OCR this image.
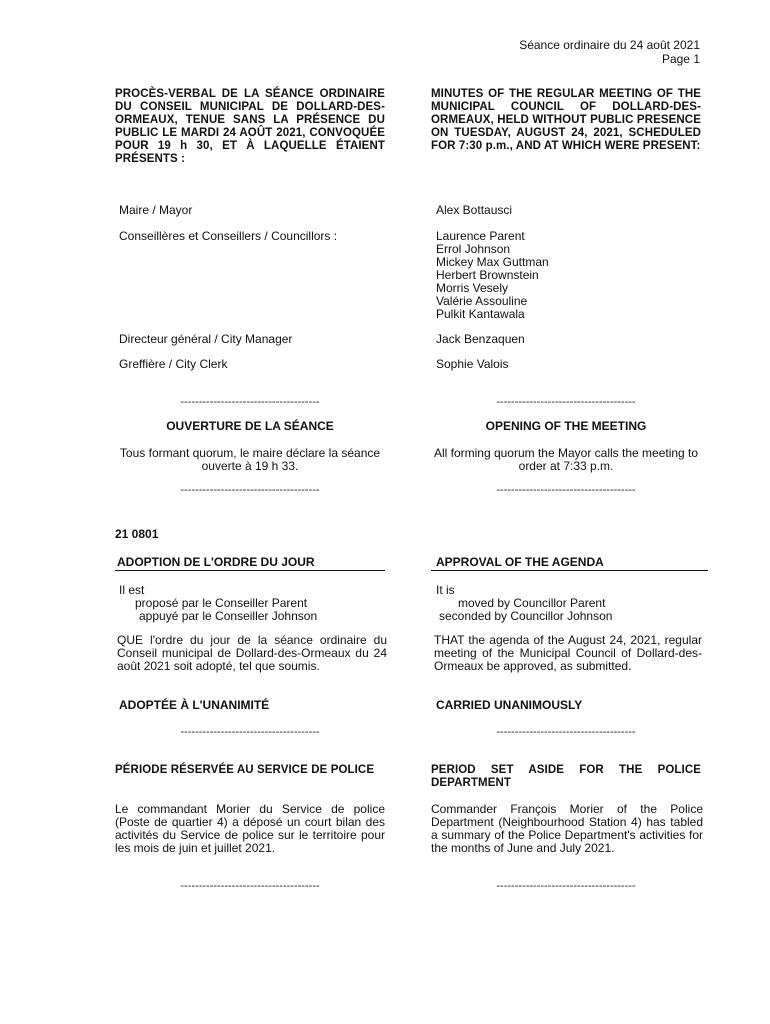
Séance ordinaire du 24 août 2021
Page 1
PROCÈS-VERBAL DE LA SÉANCE ORDINAIRE DU CONSEIL MUNICIPAL DE DOLLARD-DES-ORMEAUX, TENUE SANS LA PRÉSENCE DU PUBLIC LE MARDI 24 AOÛT 2021, CONVOQUÉE POUR 19 h 30, ET À LAQUELLE ÉTAIENT PRÉSENTS :
MINUTES OF THE REGULAR MEETING OF THE MUNICIPAL COUNCIL OF DOLLARD-DES-ORMEAUX, HELD WITHOUT PUBLIC PRESENCE ON TUESDAY, AUGUST 24, 2021, SCHEDULED FOR 7:30 p.m., AND AT WHICH WERE PRESENT:
Maire / Mayor	Alex Bottausci
Conseillères et Conseillers / Councillors :	Laurence Parent
Errol Johnson
Mickey Max Guttman
Herbert Brownstein
Morris Vesely
Valérie Assouline
Pulkit Kantawala
Directeur général / City Manager	Jack Benzaquen
Greffière / City Clerk	Sophie Valois
--------------------------------------	--------------------------------------
OUVERTURE DE LA SÉANCE	OPENING OF THE MEETING
Tous formant quorum, le maire déclare la séance ouverte à 19 h 33.
All forming quorum the Mayor calls the meeting to order at 7:33 p.m.
--------------------------------------	--------------------------------------
21 0801
ADOPTION DE L'ORDRE DU JOUR	APPROVAL OF THE AGENDA
Il est
proposé par le Conseiller Parent
appuyé par le Conseiller Johnson
It is
moved by Councillor Parent
seconded by Councillor Johnson
QUE l'ordre du jour de la séance ordinaire du Conseil municipal de Dollard-des-Ormeaux du 24 août 2021 soit adopté, tel que soumis.
THAT the agenda of the August 24, 2021, regular meeting of the Municipal Council of Dollard-des-Ormeaux be approved, as submitted.
ADOPTÉE À L'UNANIMITÉ	CARRIED UNANIMOUSLY
--------------------------------------	--------------------------------------
PÉRIODE RÉSERVÉE AU SERVICE DE POLICE	PERIOD SET ASIDE FOR THE POLICE DEPARTMENT
Le commandant Morier du Service de police (Poste de quartier 4) a déposé un court bilan des activités du Service de police sur le territoire pour les mois de juin et juillet 2021.
Commander François Morier of the Police Department (Neighbourhood Station 4) has tabled a summary of the Police Department's activities for the months of June and July 2021.
--------------------------------------	--------------------------------------
